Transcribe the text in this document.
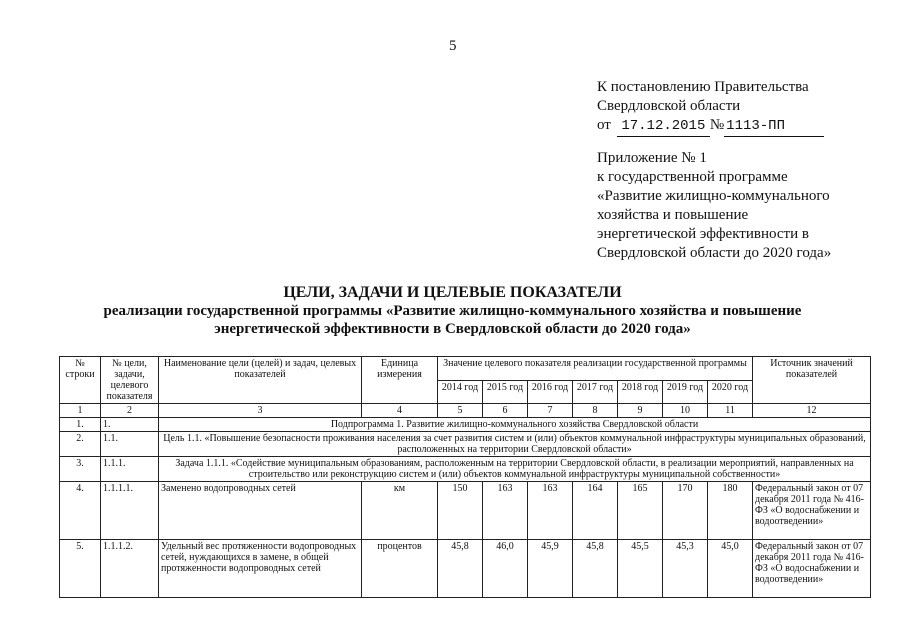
5
К постановлению Правительства
Свердловской области
от 17.12.2015 № 1113-ПП
Приложение № 1
к государственной программе
«Развитие жилищно-коммунального
хозяйства и повышение
энергетической эффективности в
Свердловской области до 2020 года»
ЦЕЛИ, ЗАДАЧИ И ЦЕЛЕВЫЕ ПОКАЗАТЕЛИ
реализации государственной программы «Развитие жилищно-коммунального хозяйства и повышение
энергетической эффективности в Свердловской области до 2020 года»
№ строки	№ цели, задачи, целевого показателя	Наименование цели (целей) и задач, целевых показателей	Единица измерения	Значение целевого показателя реализации государственной программы							Источник значений показателей
				2014 год	2015 год	2016 год	2017 год	2018 год	2019 год	2020 год	
1	2	3	4	5	6	7	8	9	10	11	12
1.	1.	Подпрограмма 1. Развитие жилищно-коммунального хозяйства Свердловской области									
2.	1.1.	Цель 1.1. «Повышение безопасности проживания населения за счет развития систем и (или) объектов коммунальной инфраструктуры муниципальных образований, расположенных на территории Свердловской области»									
3.	1.1.1.	Задача 1.1.1. «Содействие муниципальным образованиям, расположенным на территории Свердловской области, в реализации мероприятий, направленных на строительство или реконструкцию систем и (или) объектов коммунальной инфраструктуры муниципальной собственности»									
4.	1.1.1.1.	Заменено водопроводных сетей	км	150	163	163	164	165	170	180	Федеральный закон от 07 декабря 2011 года № 416-ФЗ «О водоснабжении и водоотведении»
5.	1.1.1.2.	Удельный вес протяженности водопроводных сетей, нуждающихся в замене, в общей протяженности водопроводных сетей	процентов	45,8	46,0	45,9	45,8	45,5	45,3	45,0	Федеральный закон от 07 декабря 2011 года № 416-ФЗ «О водоснабжении и водоотведении»
